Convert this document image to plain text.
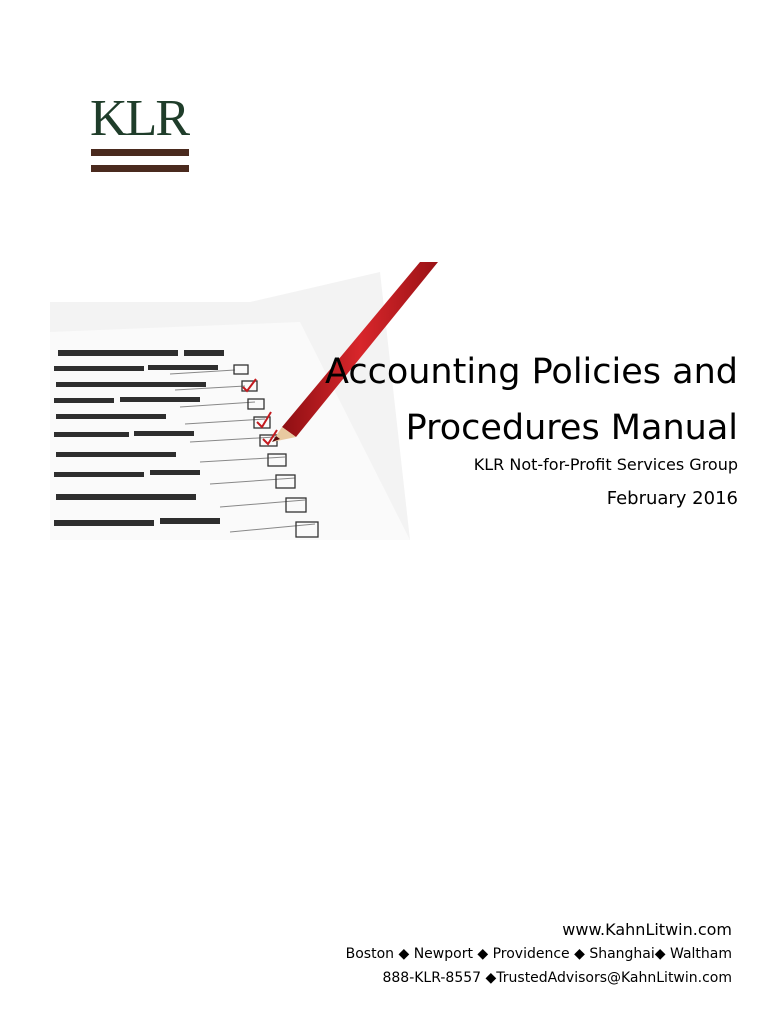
KLR
Accounting Policies and
Procedures Manual

KLR Not-for-Profit Services Group

February 2016

www.KahnLitwin.com
Boston ◆ Newport ◆ Providence ◆ Shanghai◆ Waltham
888-KLR-8557 ◆TrustedAdvisors@KahnLitwin.com
